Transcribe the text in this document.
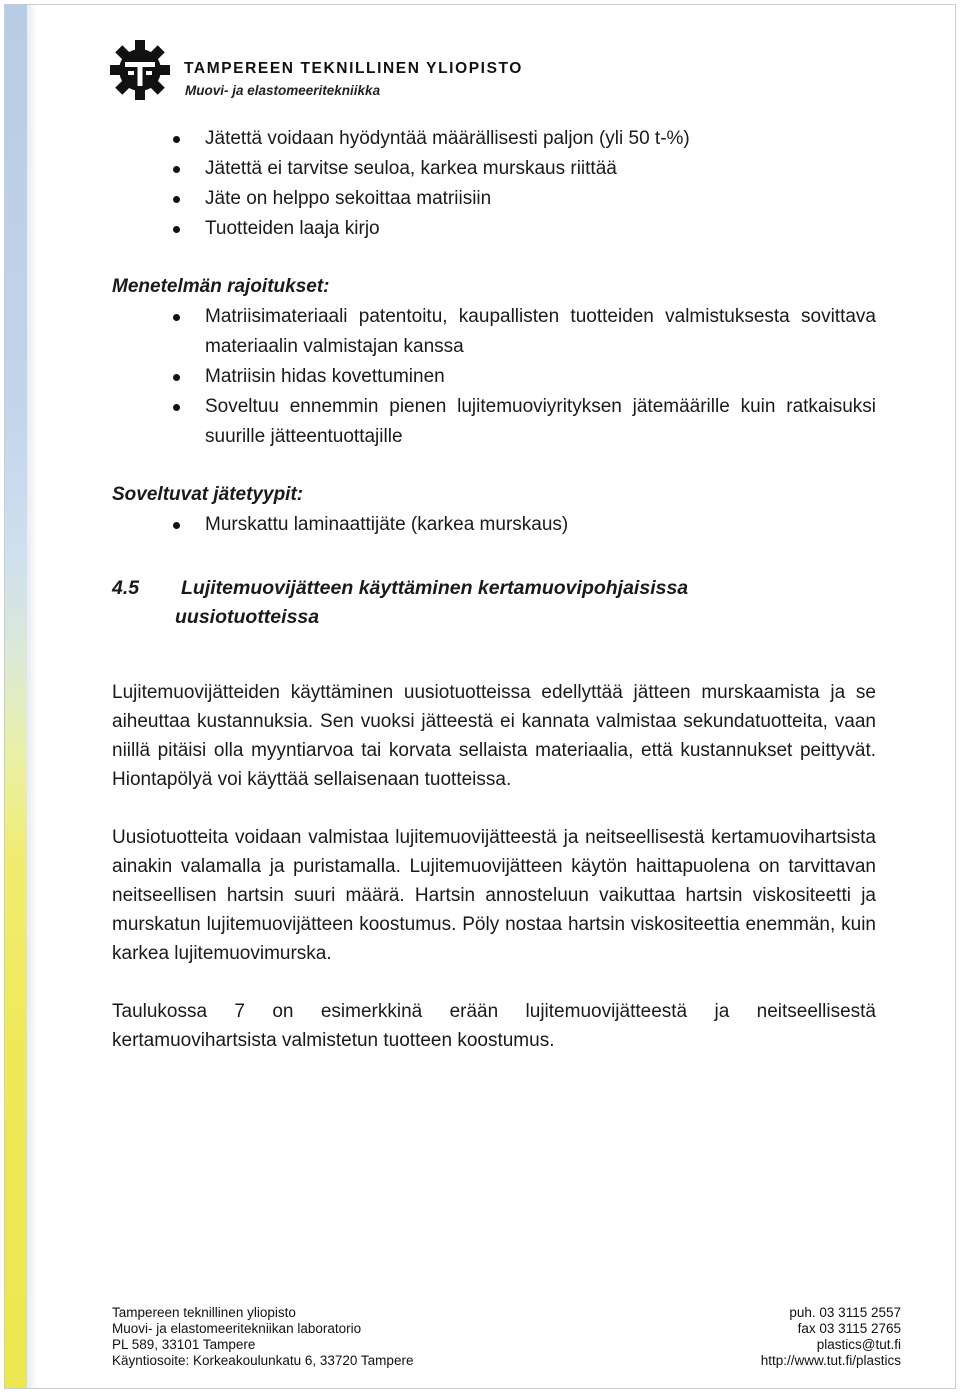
TAMPEREEN TEKNILLINEN YLIOPISTO
Muovi- ja elastomeeritekniikka
Jätettä voidaan hyödyntää määrällisesti paljon (yli 50 t-%)
Jätettä ei tarvitse seuloa, karkea murskaus riittää
Jäte on helppo sekoittaa matriisiin
Tuotteiden laaja kirjo

Menetelmän rajoitukset:

Matriisimateriaali patentoitu, kaupallisten tuotteiden valmistuksesta sovittava materiaalin valmistajan kanssa
Matriisin hidas kovettuminen
Soveltuu ennemmin pienen lujitemuoviyrityksen jätemäärille kuin ratkaisuksi suurille jätteentuottajille

Soveltuvat jätetyypit:

Murskattu laminaattijäte (karkea murskaus)
4.5 Lujitemuovijätteen käyttäminen kertamuovipohjaisissa
uusiotuotteissa

Lujitemuovijätteiden käyttäminen uusiotuotteissa edellyttää jätteen murskaamista ja se aiheuttaa kustannuksia. Sen vuoksi jätteestä ei kannata valmistaa sekundatuotteita, vaan niillä pitäisi olla myyntiarvoa tai korvata sellaista materiaalia, että kustannukset peittyvät. Hiontapölyä voi käyttää sellaisenaan tuotteissa.

Uusiotuotteita voidaan valmistaa lujitemuovijätteestä ja neitseellisestä kertamuovihartsista ainakin valamalla ja puristamalla. Lujitemuovijätteen käytön haittapuolena on tarvittavan neitseellisen hartsin suuri määrä. Hartsin annosteluun vaikuttaa hartsin viskositeetti ja murskatun lujitemuovijätteen koostumus. Pöly nostaa hartsin viskositeettia enemmän, kuin karkea lujitemuovimurska.

Taulukossa 7 on esimerkkinä erään lujitemuovijätteestä ja neitseellisestä kertamuovihartsista valmistetun tuotteen koostumus.

Tampereen teknillinen yliopisto
Muovi- ja elastomeeritekniikan laboratorio
PL 589, 33101 Tampere
Käyntiosoite: Korkeakoulunkatu 6, 33720 Tampere
puh. 03 3115 2557
fax 03 3115 2765
plastics@tut.fi
http://www.tut.fi/plastics
